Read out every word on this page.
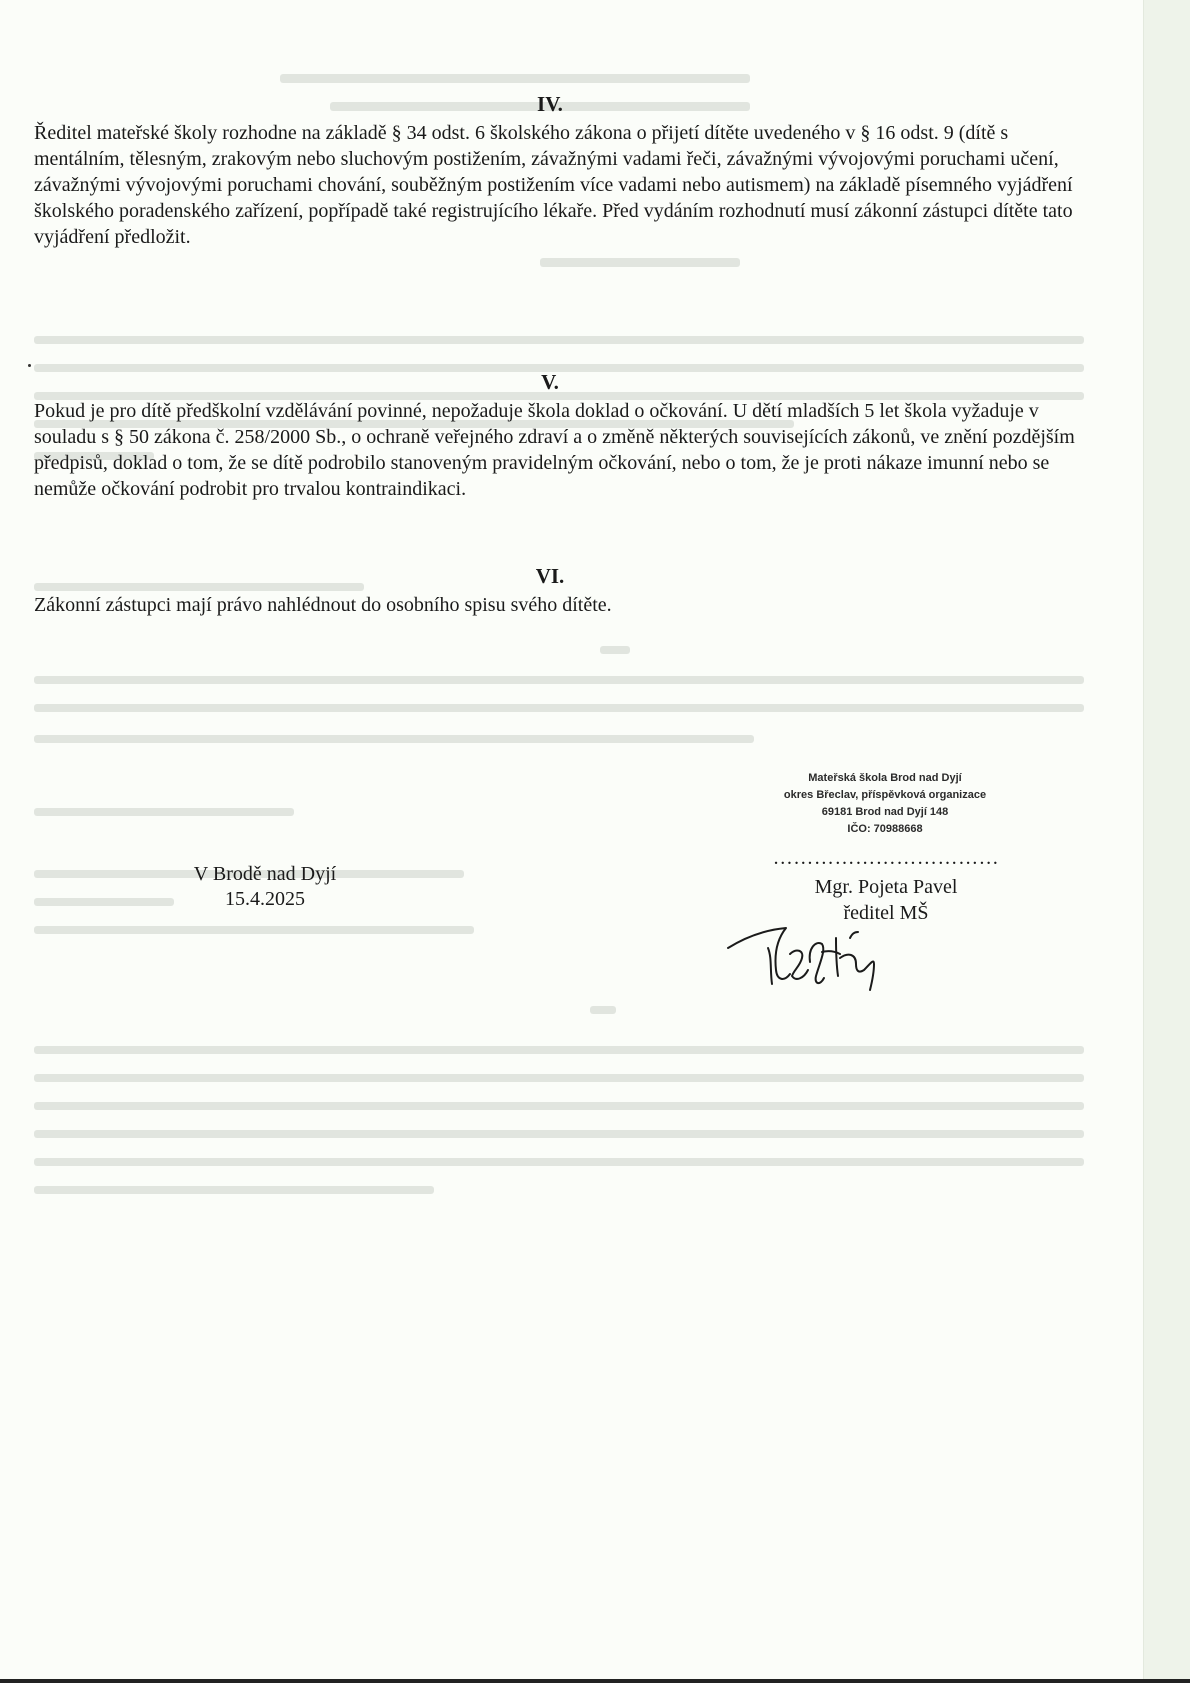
IV.
Ředitel mateřské školy rozhodne na základě § 34 odst. 6 školského zákona o přijetí dítěte uvedeného v § 16 odst. 9 (dítě s mentálním, tělesným, zrakovým nebo sluchovým postižením, závažnými vadami řeči, závažnými vývojovými poruchami učení, závažnými vývojovými poruchami chování, souběžným postižením více vadami nebo autismem) na základě písemného vyjádření školského poradenského zařízení, popřípadě také registrujícího lékaře. Před vydáním rozhodnutí musí zákonní zástupci dítěte tato vyjádření předložit.
V.
Pokud je pro dítě předškolní vzdělávání povinné, nepožaduje škola doklad o očkování. U dětí mladších 5 let škola vyžaduje v souladu s § 50 zákona č. 258/2000 Sb., o ochraně veřejného zdraví a o změně některých souvisejících zákonů, ve znění pozdějším předpisů, doklad o tom, že se dítě podrobilo stanoveným pravidelným očkování, nebo o tom, že je proti nákaze imunní nebo se nemůže očkování podrobit pro trvalou kontraindikaci.
VI.
Zákonní zástupci mají právo nahlédnout do osobního spisu svého dítěte.
V Brodě nad Dyjí
15.4.2025
Mateřská škola Brod nad Dyjí
okres Břeclav, příspěvková organizace
69181 Brod nad Dyjí 148
IČO: 70988668
……………………………
Mgr. Pojeta Pavel
ředitel MŠ
